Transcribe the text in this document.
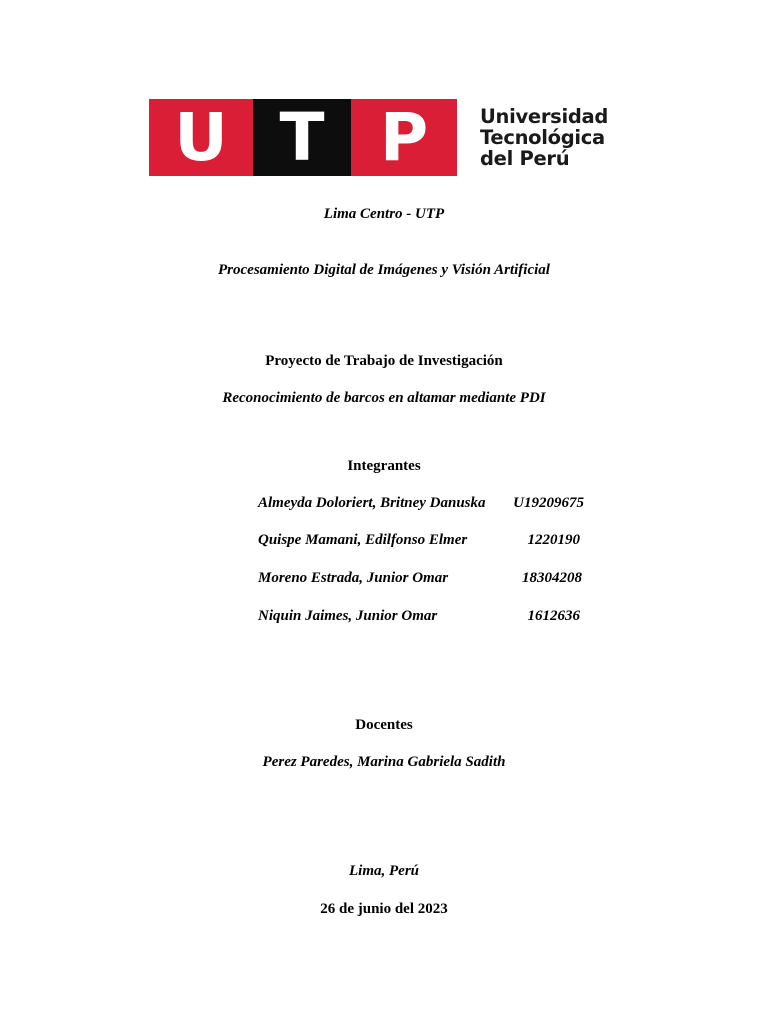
U T P	Universidad
Tecnológica
del Perú
Lima Centro - UTP
Procesamiento Digital de Imágenes y Visión Artificial
Proyecto de Trabajo de Investigación
Reconocimiento de barcos en altamar mediante PDI
Integrantes
Almeyda Doloriert, Britney Danuska U19209675
Quispe Mamani, Edilfonso Elmer	1220190
Moreno Estrada, Junior Omar	18304208
Niquin Jaimes, Junior Omar	1612636
Docentes
Perez Paredes, Marina Gabriela Sadith
Lima, Perú
26 de junio del 2023
